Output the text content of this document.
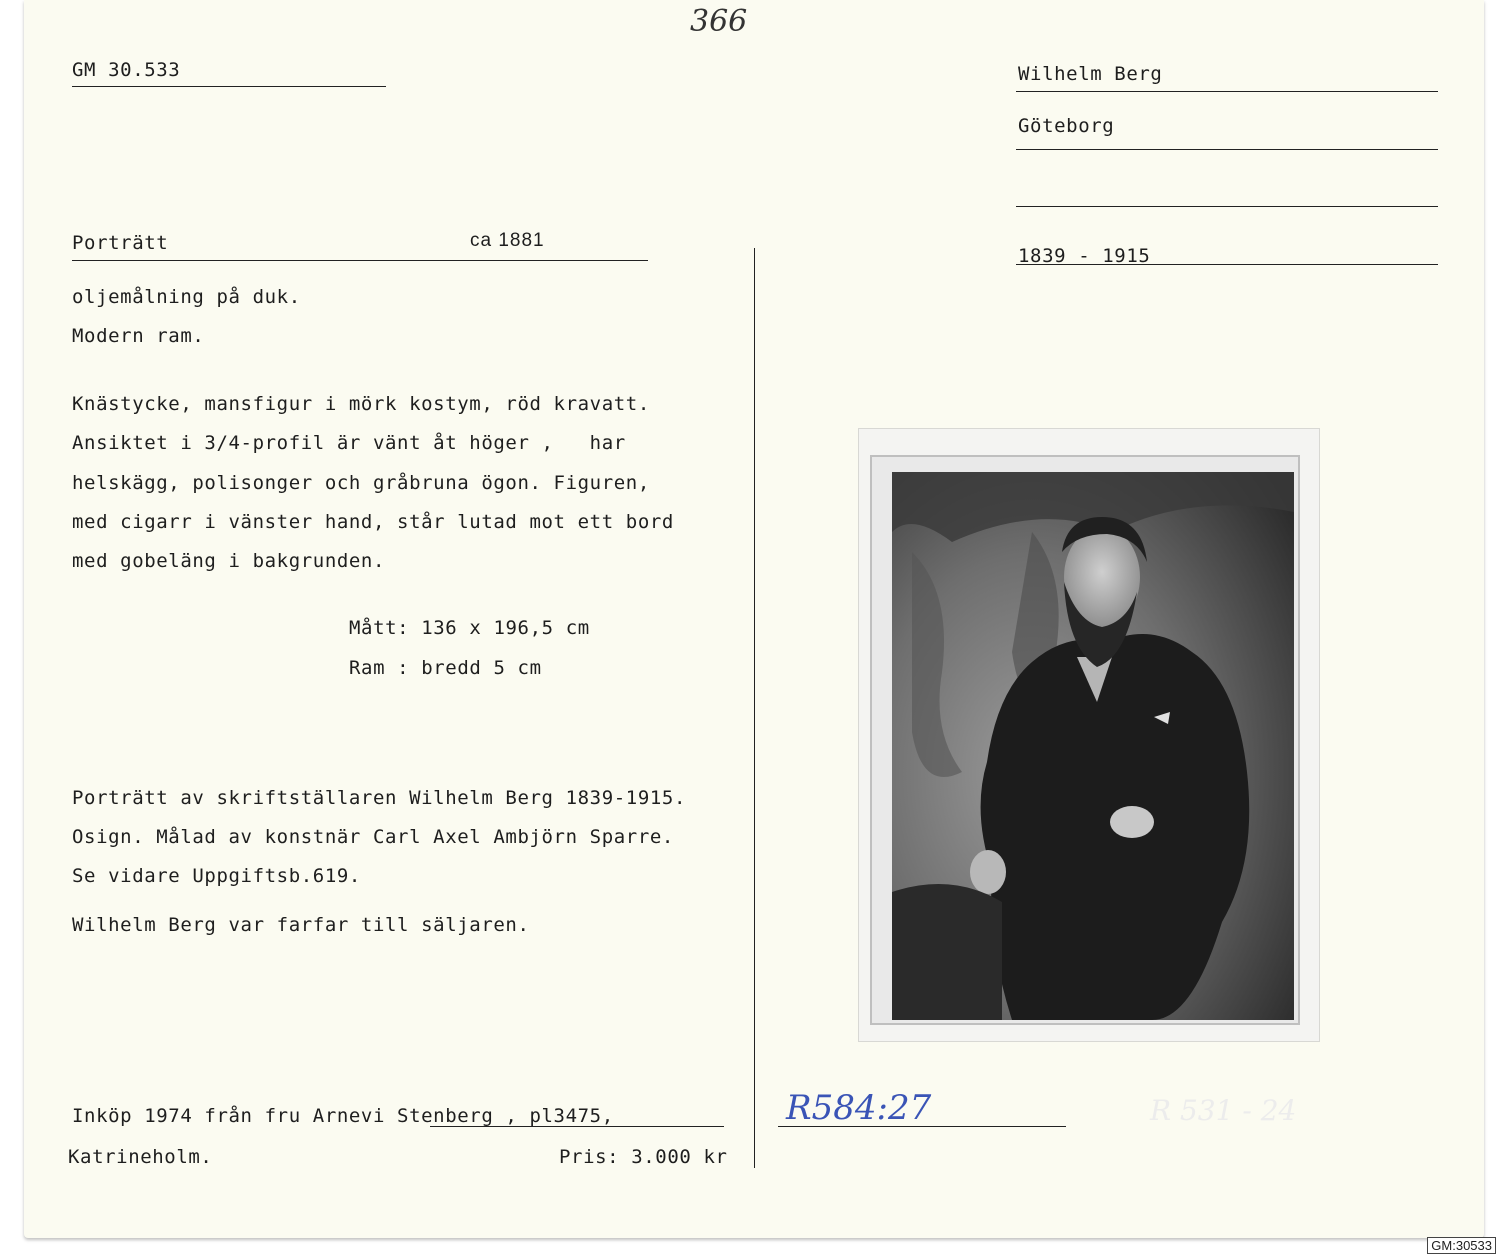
366
GM 30.533	Wilhelm Berg
Göteborg
1839 - 1915
Porträtt	ca 1881
oljemålning på duk.
Modern ram.
Knästycke, mansfigur i mörk kostym, röd kravatt.
Ansiktet i 3/4-profil är vänt åt höger ,   har
helskägg, polisonger och gråbruna ögon. Figuren,
med cigarr i vänster hand, står lutad mot ett bord
med gobeläng i bakgrunden.
Mått: 136 x 196,5 cm
Ram : bredd 5 cm
Porträtt av skriftställaren Wilhelm Berg 1839-1915.
Osign. Målad av konstnär Carl Axel Ambjörn Sparre.
Se vidare Uppgiftsb.619.
Wilhelm Berg var farfar till säljaren.
Inköp 1974 från fru Arnevi Stenberg , pl3475,
Katrineholm.	Pris: 3.000 kr
R584:27	R 531 - 24
GM:30533
